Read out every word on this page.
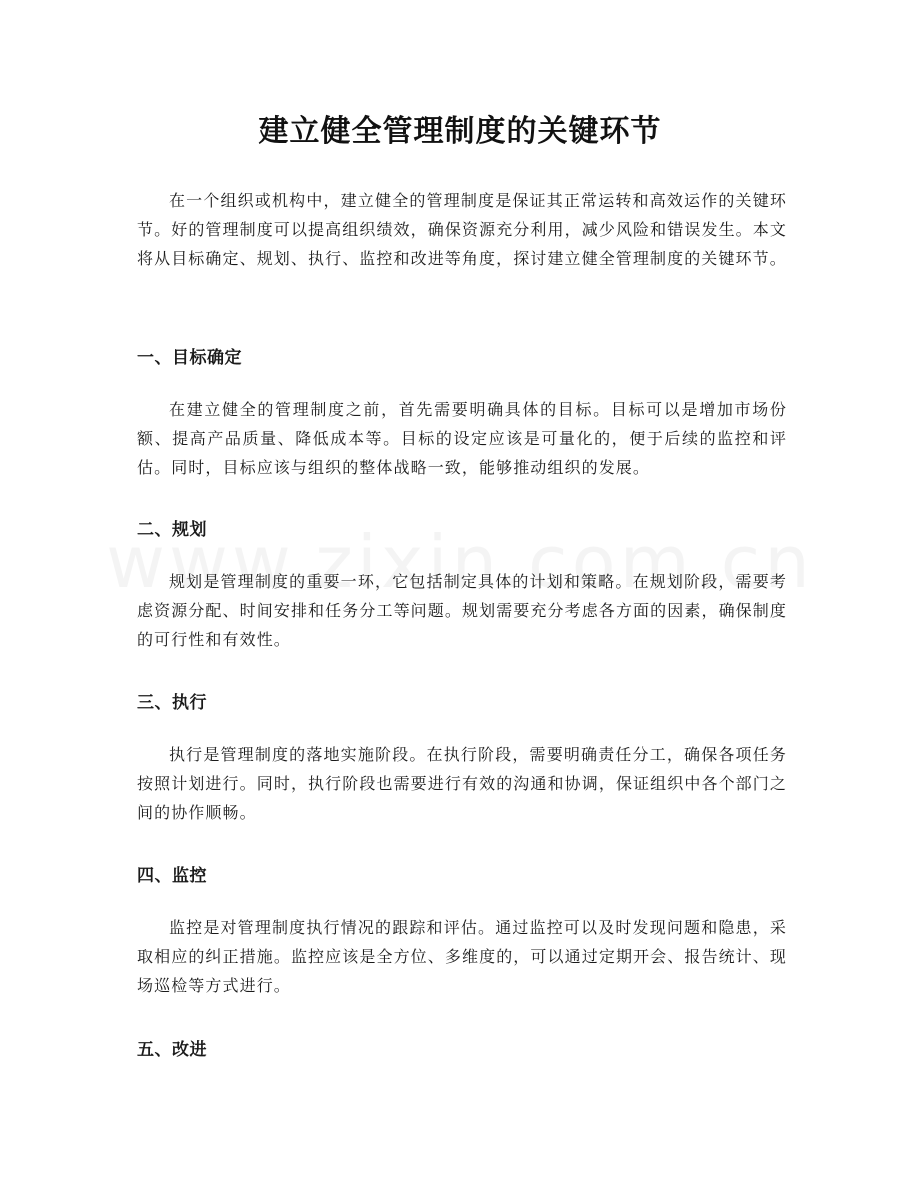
建立健全管理制度的关键环节

在一个组织或机构中，建立健全的管理制度是保证其正常运转和高效运作的关键环节。好的管理制度可以提高组织绩效，确保资源充分利用，减少风险和错误发生。本文将从目标确定、规划、执行、监控和改进等角度，探讨建立健全管理制度的关键环节。

一、目标确定

在建立健全的管理制度之前，首先需要明确具体的目标。目标可以是增加市场份额、提高产品质量、降低成本等。目标的设定应该是可量化的，便于后续的监控和评估。同时，目标应该与组织的整体战略一致，能够推动组织的发展。

二、规划

规划是管理制度的重要一环，它包括制定具体的计划和策略。在规划阶段，需要考虑资源分配、时间安排和任务分工等问题。规划需要充分考虑各方面的因素，确保制度的可行性和有效性。

三、执行

执行是管理制度的落地实施阶段。在执行阶段，需要明确责任分工，确保各项任务按照计划进行。同时，执行阶段也需要进行有效的沟通和协调，保证组织中各个部门之间的协作顺畅。

四、监控

监控是对管理制度执行情况的跟踪和评估。通过监控可以及时发现问题和隐患，采取相应的纠正措施。监控应该是全方位、多维度的，可以通过定期开会、报告统计、现场巡检等方式进行。

五、改进
